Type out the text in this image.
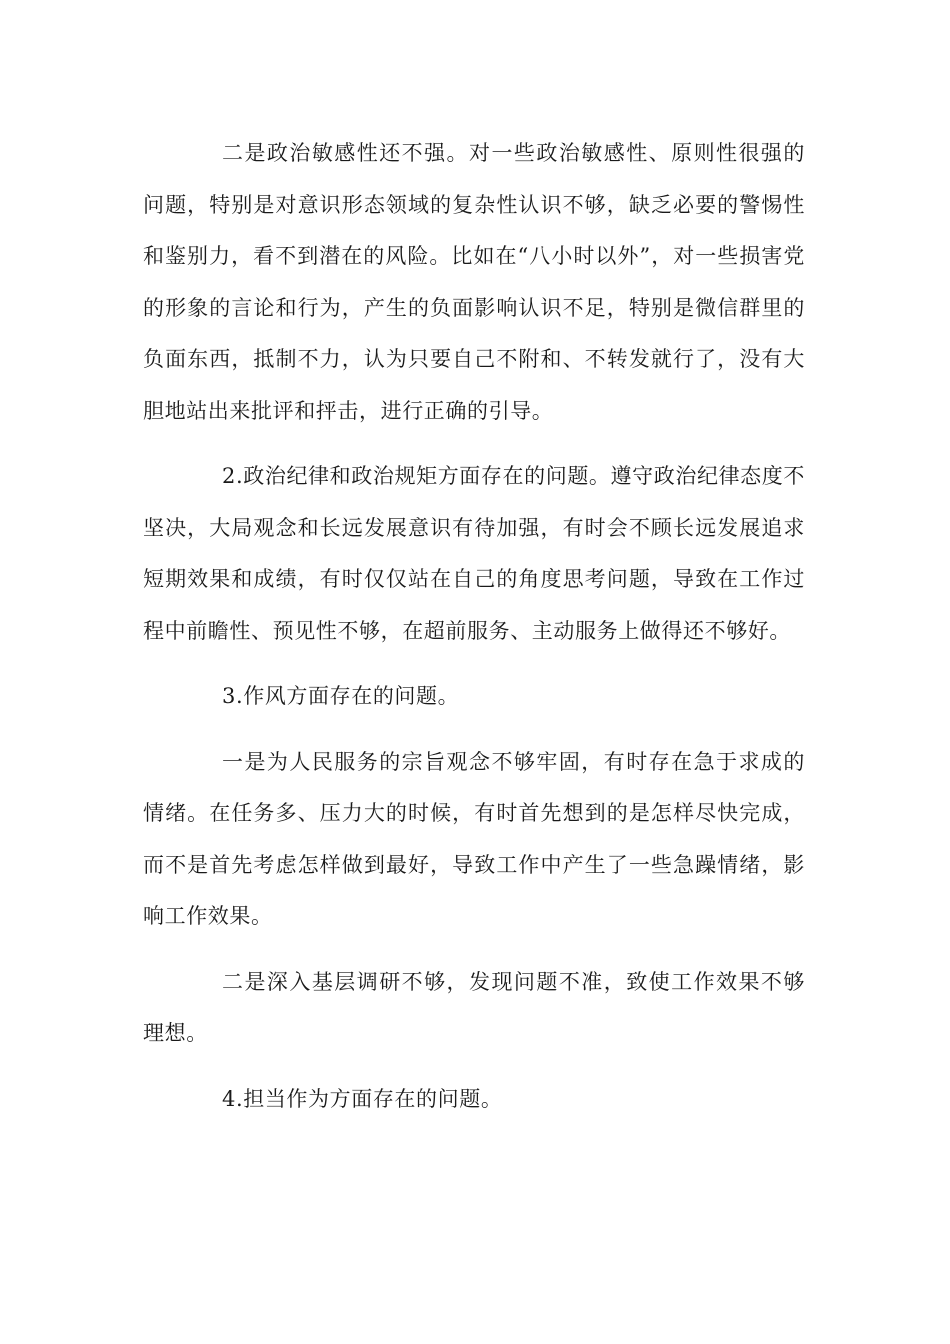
二是政治敏感性还不强。对一些政治敏感性、原则性很强的问题，特别是对意识形态领域的复杂性认识不够，缺乏必要的警惕性和鉴别力，看不到潜在的风险。比如在“八小时以外”，对一些损害党的形象的言论和行为，产生的负面影响认识不足，特别是微信群里的负面东西，抵制不力，认为只要自己不附和、不转发就行了，没有大胆地站出来批评和抨击，进行正确的引导。

2.政治纪律和政治规矩方面存在的问题。遵守政治纪律态度不坚决，大局观念和长远发展意识有待加强，有时会不顾长远发展追求短期效果和成绩，有时仅仅站在自己的角度思考问题，导致在工作过程中前瞻性、预见性不够，在超前服务、主动服务上做得还不够好。

3.作风方面存在的问题。

一是为人民服务的宗旨观念不够牢固，有时存在急于求成的情绪。在任务多、压力大的时候，有时首先想到的是怎样尽快完成，而不是首先考虑怎样做到最好，导致工作中产生了一些急躁情绪，影响工作效果。

二是深入基层调研不够，发现问题不准，致使工作效果不够理想。

4.担当作为方面存在的问题。
